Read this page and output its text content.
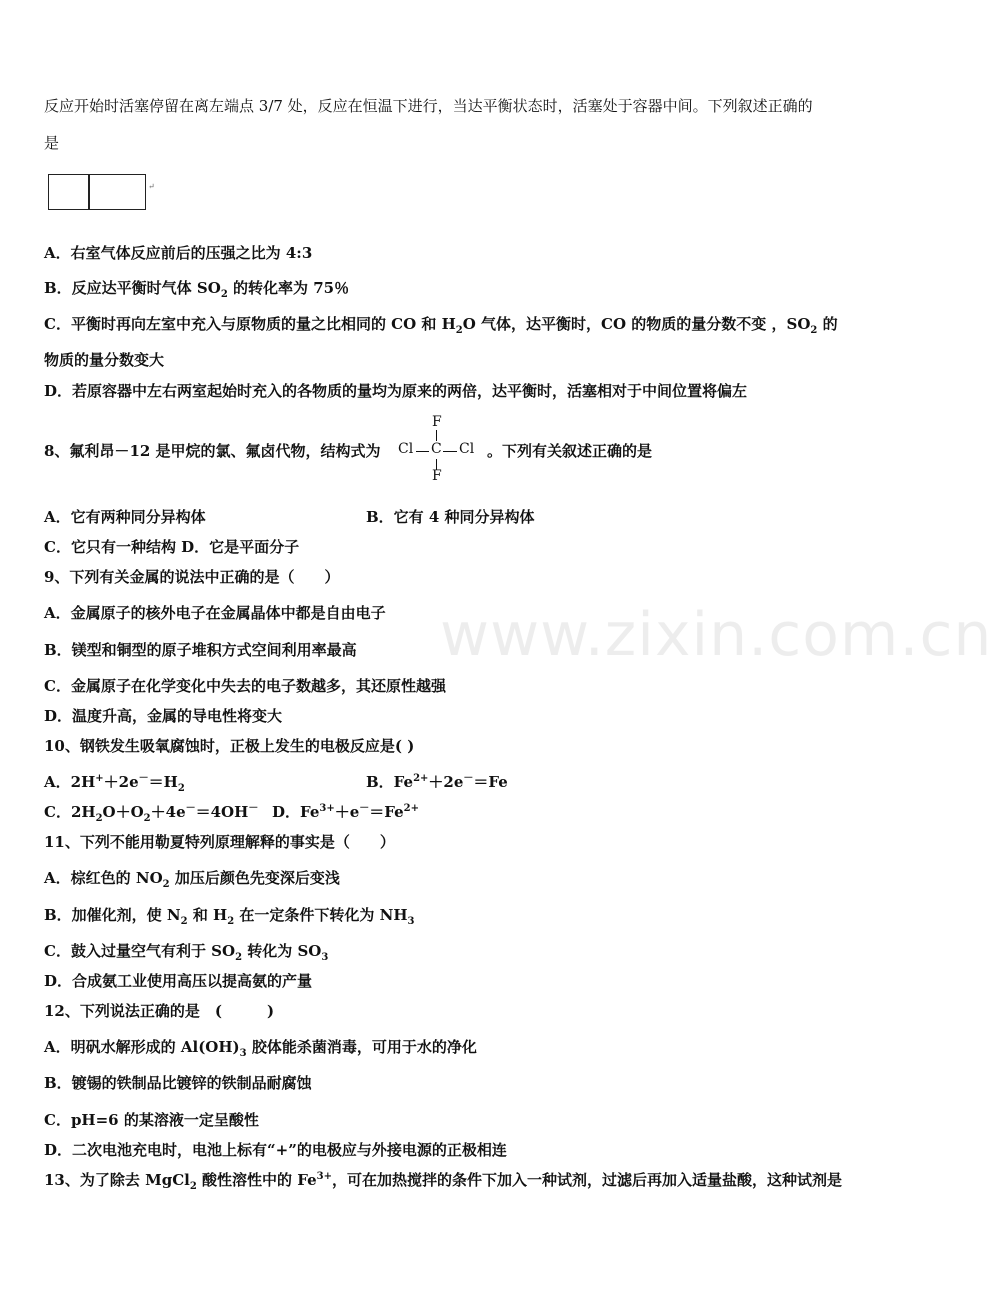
www.zixin.com.cn
反应开始时活塞停留在离左端点 3/7 处，反应在恒温下进行，当达平衡状态时，活塞处于容器中间。下列叙述正确的
是
↵
A．右室气体反应前后的压强之比为 4:3
B．反应达平衡时气体 $SO_2$ 的转化率为 75％
C．平衡时再向左室中充入与原物质的量之比相同的 CO 和 $H_2O$ 气体，达平衡时，CO 的物质的量分数不变 ，$SO_2$ 的
物质的量分数变大
D．若原容器中左右两室起始时充入的各物质的量均为原来的两倍，达平衡时，活塞相对于中间位置将偏左
8、氟利昂－12 是甲烷的氯、氟卤代物，结构式为
F
Cl C Cl
F
。下列有关叙述正确的是
A．它有两种同分异构体	B．它有 4 种同分异构体
C．它只有一种结构 D．它是平面分子
9、下列有关金属的说法中正确的是（　　）
A．金属原子的核外电子在金属晶体中都是自由电子
B．镁型和铜型的原子堆积方式空间利用率最高
C．金属原子在化学变化中失去的电子数越多，其还原性越强
D．温度升高，金属的导电性将变大
10、钢铁发生吸氧腐蚀时，正极上发生的电极反应是( )
A．$2H^++2e^-=H_2$	B．$Fe^{2+}+2e^-=Fe$
C．$2H_2O+O_2+4e^-=4OH^-$ D．$Fe^{3+}+e^-=Fe^{2+}$
11、下列不能用勒夏特列原理解释的事实是（　　）
A．棕红色的 $NO_2$ 加压后颜色先变深后变浅
B．加催化剂，使 $N_2$ 和 $H_2$ 在一定条件下转化为 $NH_3$
C．鼓入过量空气有利于 $SO_2$ 转化为 $SO_3$
D．合成氨工业使用高压以提高氨的产量
12、下列说法正确的是　(　　　)
A．明矾水解形成的 $Al(OH)_3$ 胶体能杀菌消毒，可用于水的净化
B．镀锡的铁制品比镀锌的铁制品耐腐蚀
C．pH=6 的某溶液一定呈酸性
D．二次电池充电时，电池上标有“+”的电极应与外接电源的正极相连
13、为了除去 MgCl$_2$ 酸性溶性中的 $Fe^{3+}$，可在加热搅拌的条件下加入一种试剂，过滤后再加入适量盐酸，这种试剂是
